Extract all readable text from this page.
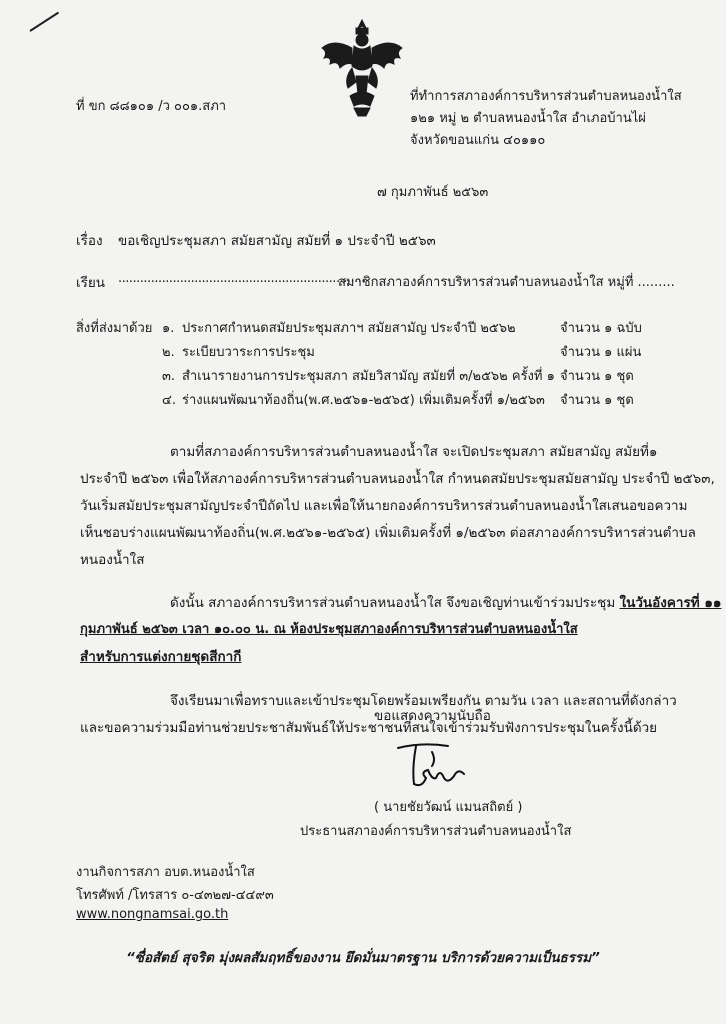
ที่ ขก ๘๘๑๐๑ /ว ๐๐๑.สภา
ที่ทำการสภาองค์การบริหารส่วนตำบลหนองน้ำใส
๑๒๑ หมู่ ๒ ตำบลหนองน้ำใส อำเภอบ้านไผ่
จังหวัดขอนแก่น ๔๐๑๑๐
๗ กุมภาพันธ์ ๒๕๖๓
เรื่อง ขอเชิญประชุมสภา สมัยสามัญ สมัยที่ ๑ ประจำปี ๒๕๖๓
เรียน ....................................................................
สมาชิกสภาองค์การบริหารส่วนตำบลหนองน้ำใส หมู่ที่ .........
สิ่งที่ส่งมาด้วย ๑. ประกาศกำหนดสมัยประชุมสภาฯ สมัยสามัญ ประจำปี ๒๕๖๒	จำนวน ๑ ฉบับ
๒. ระเบียบวาระการประชุม	จำนวน ๑ แผ่น
๓. สำเนารายงานการประชุมสภา สมัยวิสามัญ สมัยที่ ๓/๒๕๖๒ ครั้งที่ ๑ จำนวน ๑ ชุด
๔. ร่างแผนพัฒนาท้องถิ่น(พ.ศ.๒๕๖๑-๒๕๖๕) เพิ่มเติมครั้งที่ ๑/๒๕๖๓ จำนวน ๑ ชุด
ตามที่สภาองค์การบริหารส่วนตำบลหนองน้ำใส จะเปิดประชุมสภา สมัยสามัญ สมัยที่๑
ประจำปี ๒๕๖๓ เพื่อให้สภาองค์การบริหารส่วนตำบลหนองน้ำใส กำหนดสมัยประชุมสมัยสามัญ ประจำปี ๒๕๖๓,
วันเริ่มสมัยประชุมสามัญประจำปีถัดไป และเพื่อให้นายกองค์การบริหารส่วนตำบลหนองน้ำใสเสนอขอความ
เห็นชอบร่างแผนพัฒนาท้องถิ่น(พ.ศ.๒๕๖๑-๒๕๖๕) เพิ่มเติมครั้งที่ ๑/๒๕๖๓ ต่อสภาองค์การบริหารส่วนตำบล
หนองน้ำใส
ดังนั้น สภาองค์การบริหารส่วนตำบลหนองน้ำใส จึงขอเชิญท่านเข้าร่วมประชุม ในวันอังคารที่ ๑๑
กุมภาพันธ์ ๒๕๖๓ เวลา ๑๐.๐๐ น. ณ ห้องประชุมสภาองค์การบริหารส่วนตำบลหนองน้ำใส
สำหรับการแต่งกายชุดสีกากี
จึงเรียนมาเพื่อทราบและเข้าประชุมโดยพร้อมเพรียงกัน ตามวัน เวลา และสถานที่ดังกล่าว
และขอความร่วมมือท่านช่วยประชาสัมพันธ์ให้ประชาชนที่สนใจเข้าร่วมรับฟังการประชุมในครั้งนี้ด้วย
ขอแสดงความนับถือ
( นายชัยวัฒน์ แมนสถิตย์ )
ประธานสภาองค์การบริหารส่วนตำบลหนองน้ำใส
งานกิจการสภา อบต.หนองน้ำใส
โทรศัพท์ /โทรสาร ๐-๔๓๒๗-๔๔๙๓
www.nongnamsai.go.th
“ซื่อสัตย์ สุจริต มุ่งผลสัมฤทธิ์ของงาน ยึดมั่นมาตรฐาน บริการด้วยความเป็นธรรม”
